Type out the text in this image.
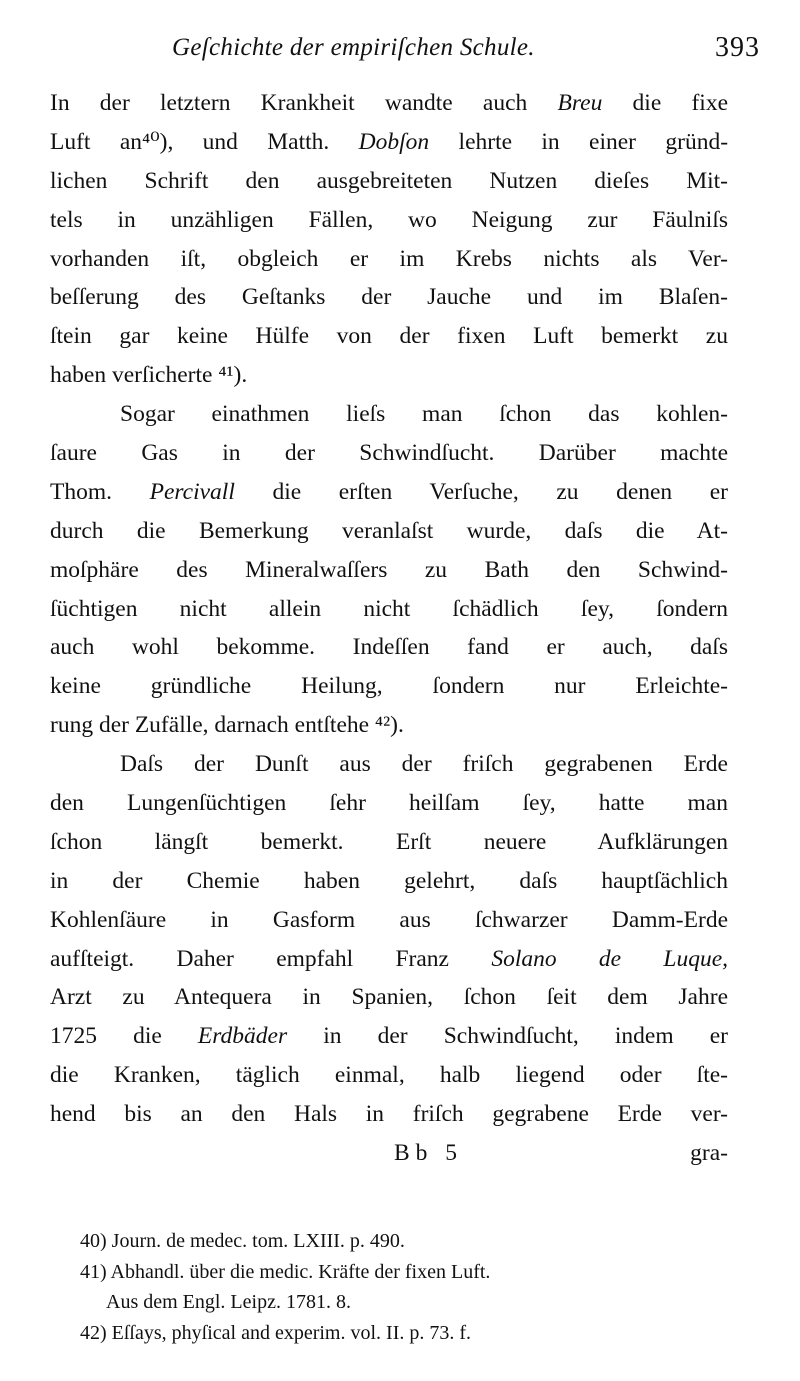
Geſchichte der empiriſchen Schule.	393
In der letztern Krankheit wandte auch Breu die fixe
Luft an⁴⁰), und Matth. Dobſon lehrte in einer gründ-
lichen Schrift den ausgebreiteten Nutzen dieſes Mit-
tels in unzähligen Fällen, wo Neigung zur Fäulniſs
vorhanden iſt, obgleich er im Krebs nichts als Ver-
beſſerung des Geſtanks der Jauche und im Blaſen-
ſtein gar keine Hülfe von der fixen Luft bemerkt zu
haben verſicherte ⁴¹).
Sogar einathmen lieſs man ſchon das kohlen-
ſaure Gas in der Schwindſucht. Darüber machte
Thom. Percivall die erſten Verſuche, zu denen er
durch die Bemerkung veranlaſst wurde, daſs die At-
moſphäre des Mineralwaſſers zu Bath den Schwind-
ſüchtigen nicht allein nicht ſchädlich ſey, ſondern
auch wohl bekomme. Indeſſen fand er auch, daſs
keine gründliche Heilung, ſondern nur Erleichte-
rung der Zufälle, darnach entſtehe ⁴²).
Daſs der Dunſt aus der friſch gegrabenen Erde
den Lungenſüchtigen ſehr heilſam ſey, hatte man
ſchon längſt bemerkt. Erſt neuere Aufklärungen
in der Chemie haben gelehrt, daſs hauptſächlich
Kohlenſäure in Gasform aus ſchwarzer Damm-Erde
aufſteigt. Daher empfahl Franz Solano de Luque,
Arzt zu Antequera in Spanien, ſchon ſeit dem Jahre
1725 die Erdbäder in der Schwindſucht, indem er
die Kranken, täglich einmal, halb liegend oder ſte-
hend bis an den Hals in friſch gegrabene Erde ver-
Bb 5	gra-
40) Journ. de medec. tom. LXIII. p. 490.
41) Abhandl. über die medic. Kräfte der fixen Luft.
Aus dem Engl. Leipz. 1781. 8.
42) Eſſays, phyſical and experim. vol. II. p. 73. f.
